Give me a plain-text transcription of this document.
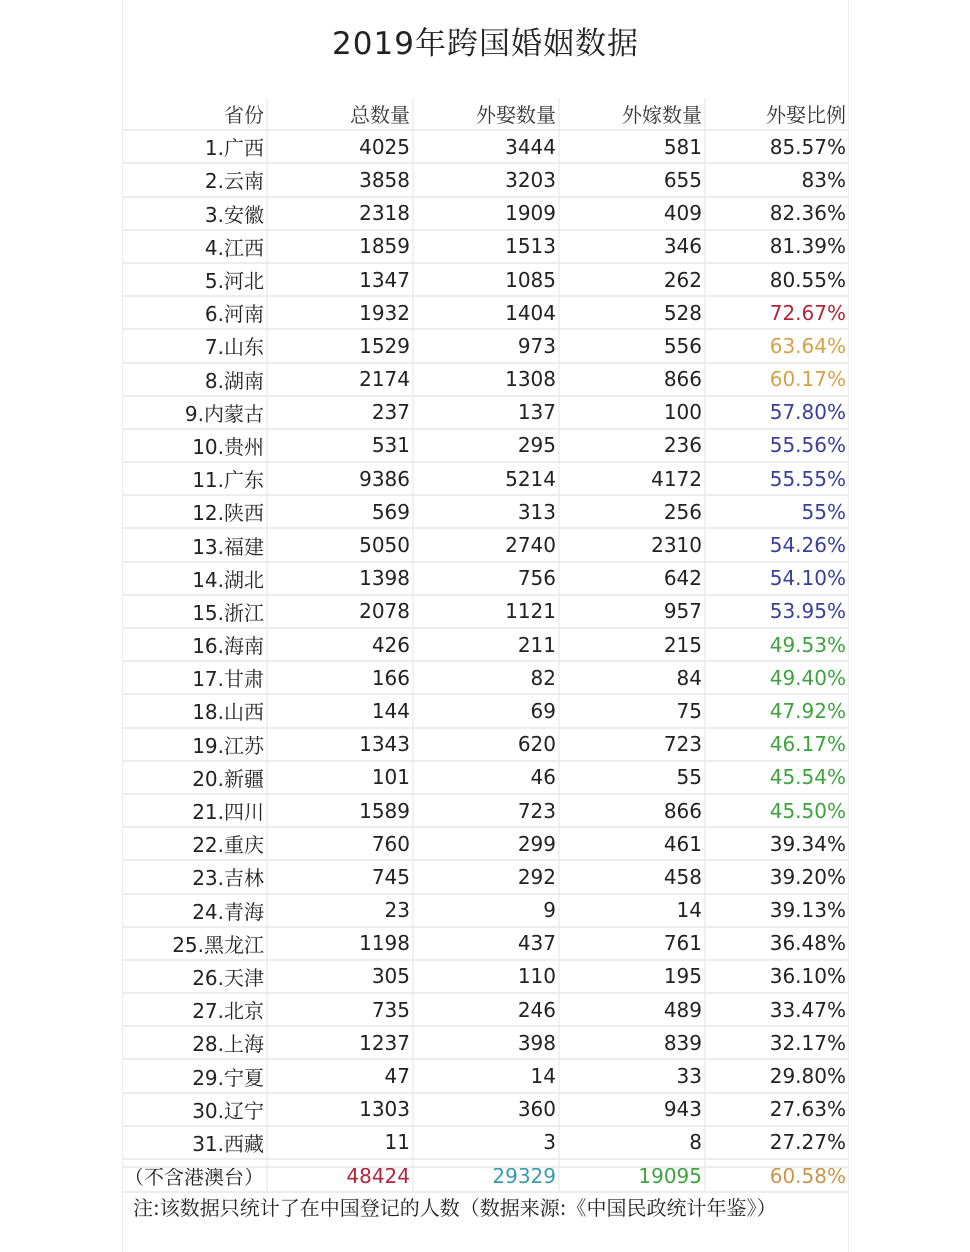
2019年跨国婚姻数据
省份	总数量	外娶数量	外嫁数量	外娶比例
1.广西	4025	3444	581	85.57%
2.云南	3858	3203	655	83%
3.安徽	2318	1909	409	82.36%
4.江西	1859	1513	346	81.39%
5.河北	1347	1085	262	80.55%
6.河南	1932	1404	528	72.67%
7.山东	1529	973	556	63.64%
8.湖南	2174	1308	866	60.17%
9.内蒙古	237	137	100	57.80%
10.贵州	531	295	236	55.56%
11.广东	9386	5214	4172	55.55%
12.陕西	569	313	256	55%
13.福建	5050	2740	2310	54.26%
14.湖北	1398	756	642	54.10%
15.浙江	2078	1121	957	53.95%
16.海南	426	211	215	49.53%
17.甘肃	166	82	84	49.40%
18.山西	144	69	75	47.92%
19.江苏	1343	620	723	46.17%
20.新疆	101	46	55	45.54%
21.四川	1589	723	866	45.50%
22.重庆	760	299	461	39.34%
23.吉林	745	292	458	39.20%
24.青海	23	9	14	39.13%
25.黑龙江	1198	437	761	36.48%
26.天津	305	110	195	36.10%
27.北京	735	246	489	33.47%
28.上海	1237	398	839	32.17%
29.宁夏	47	14	33	29.80%
30.辽宁	1303	360	943	27.63%
31.西藏	11	3	8	27.27%
（不含港澳台）	48424	29329	19095	60.58%
注:该数据只统计了在中国登记的人数（数据来源:《中国民政统计年鉴》）
